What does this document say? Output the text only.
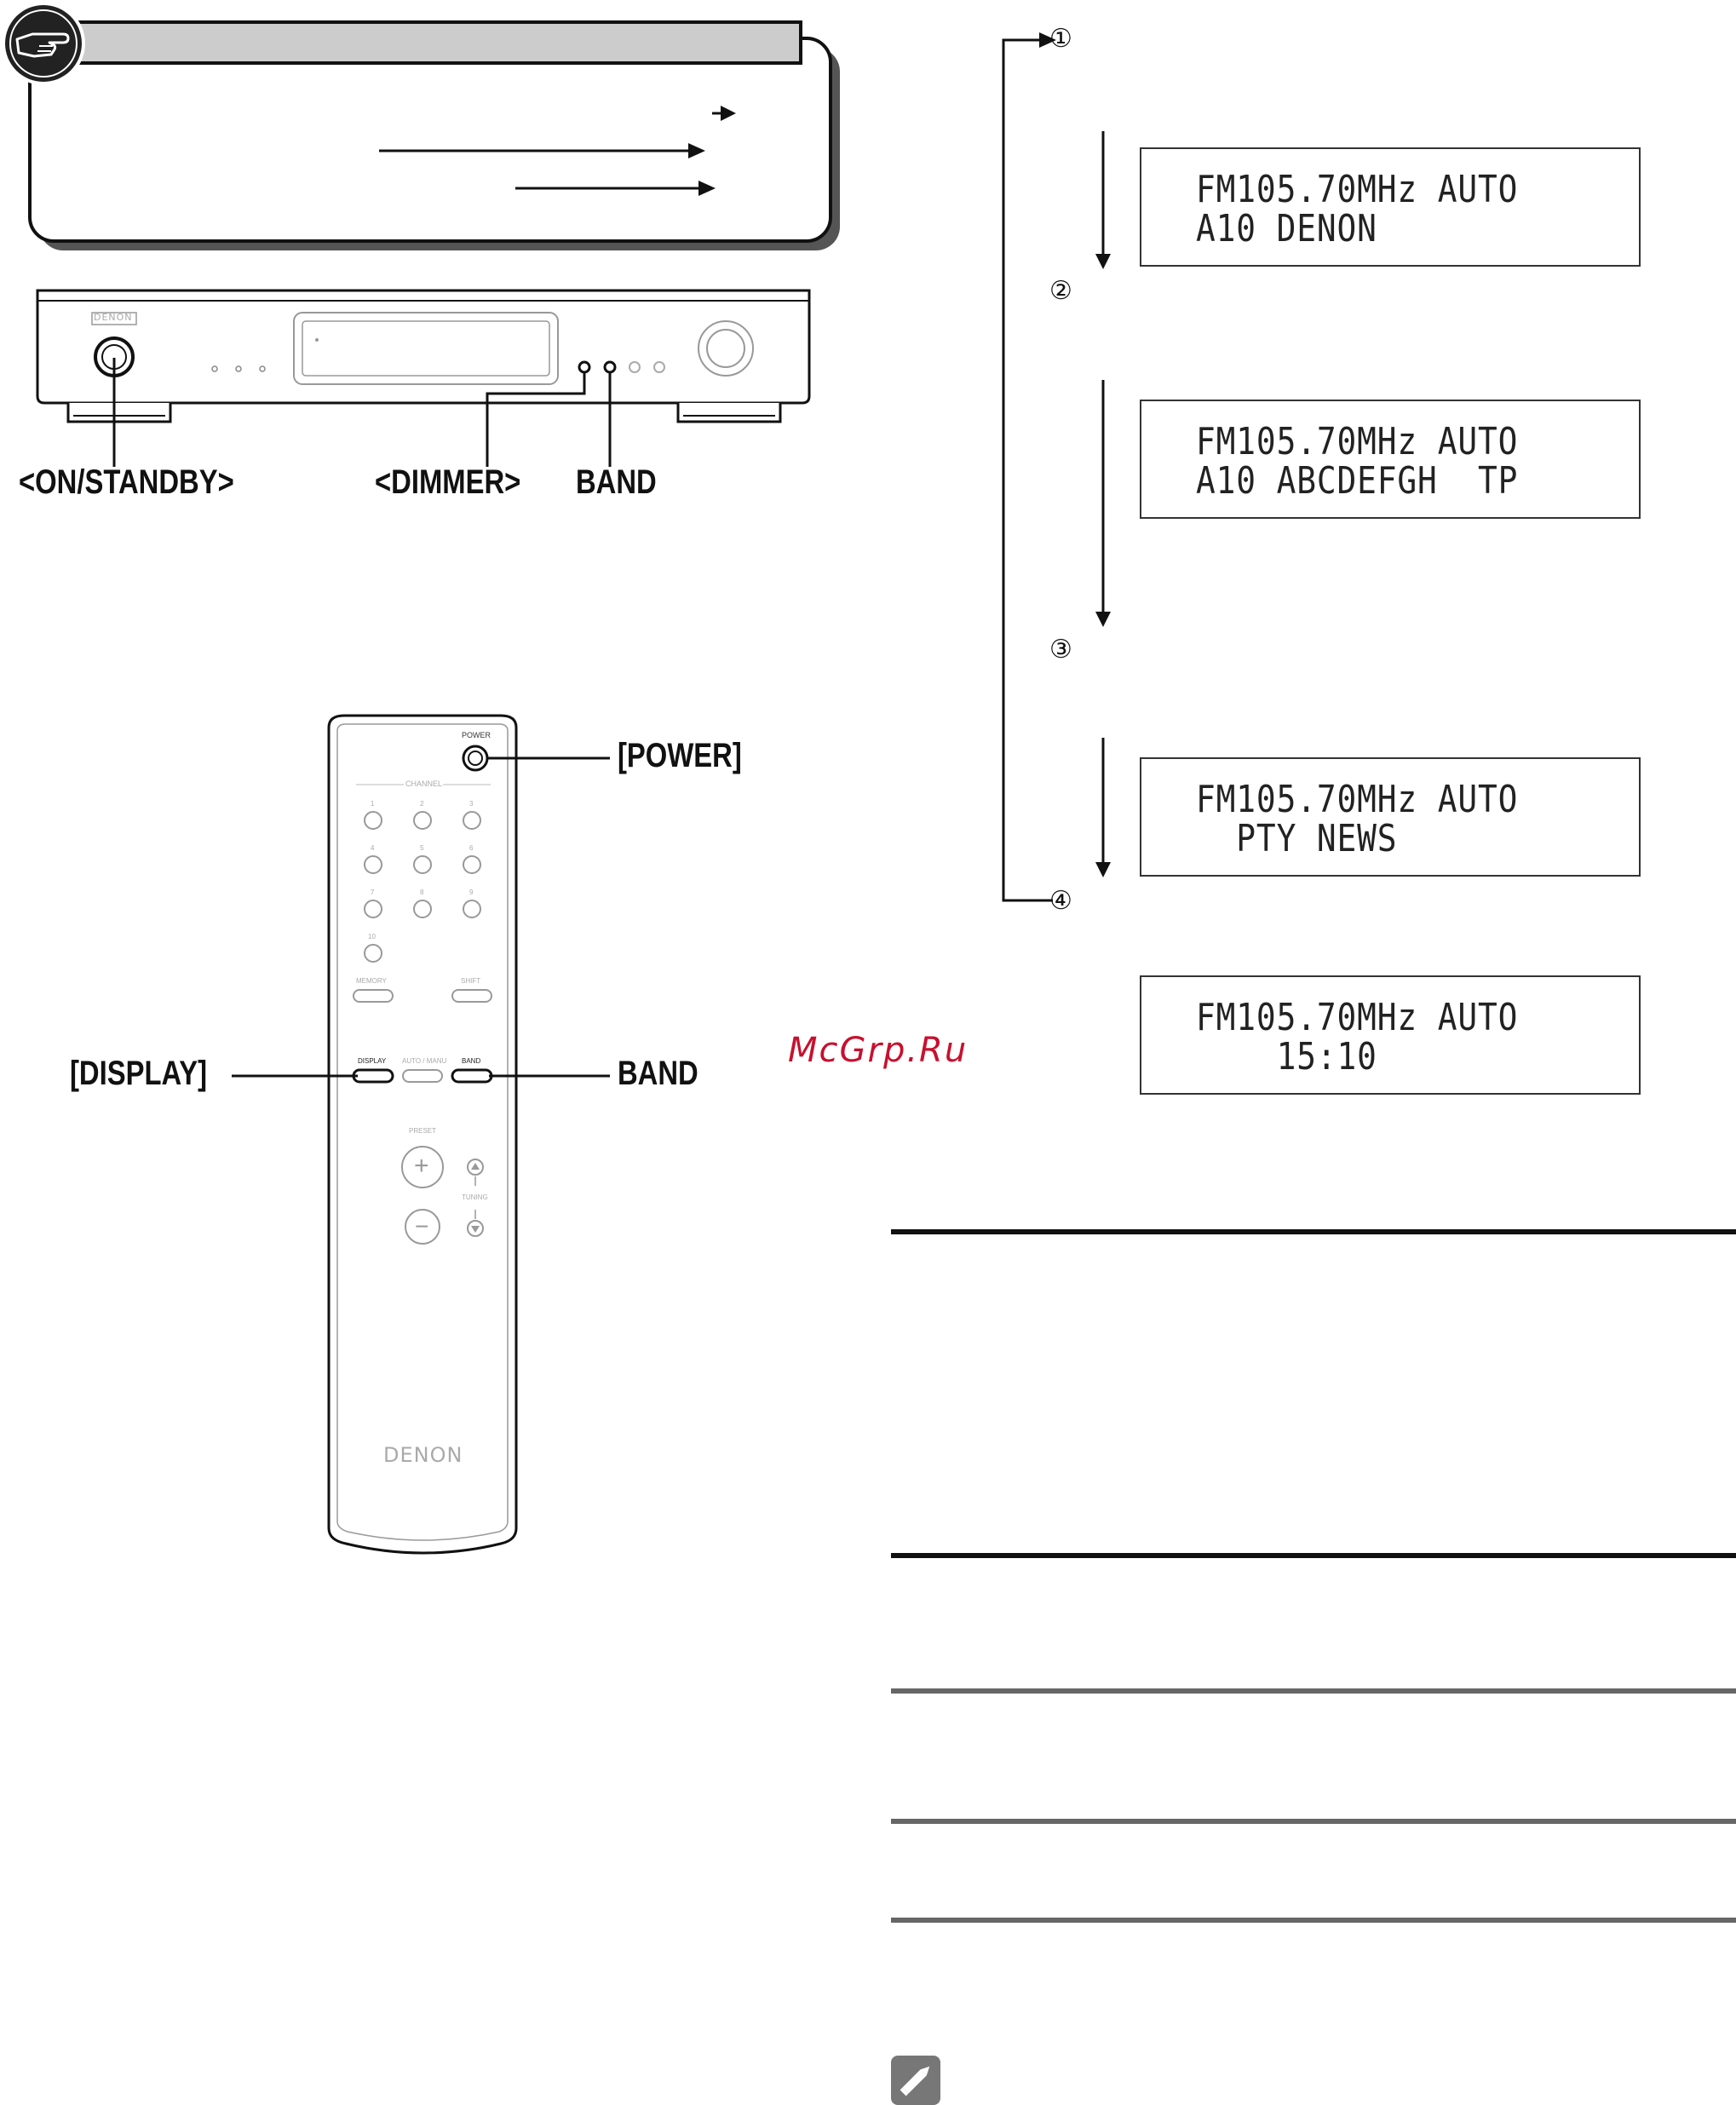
DENON
<ON/STANDBY>	<DIMMER> BAND
POWER
CHANNEL
1	2	3
4	5	6
7	8	9
10
MEMORY	SHIFT
DISPLAY AUTO / MANU BAND
PRESET
TUNING
+
−
DENON
[POWER]
[DISPLAY]	BAND
①
②
③
④
FM105.70MHz AUTO
A10 DENON
FM105.70MHz AUTO
A10 ABCDEFGH  TP
FM105.70MHz AUTO
PTY NEWS
FM105.70MHz AUTO
15:10
McGrp.Ru
